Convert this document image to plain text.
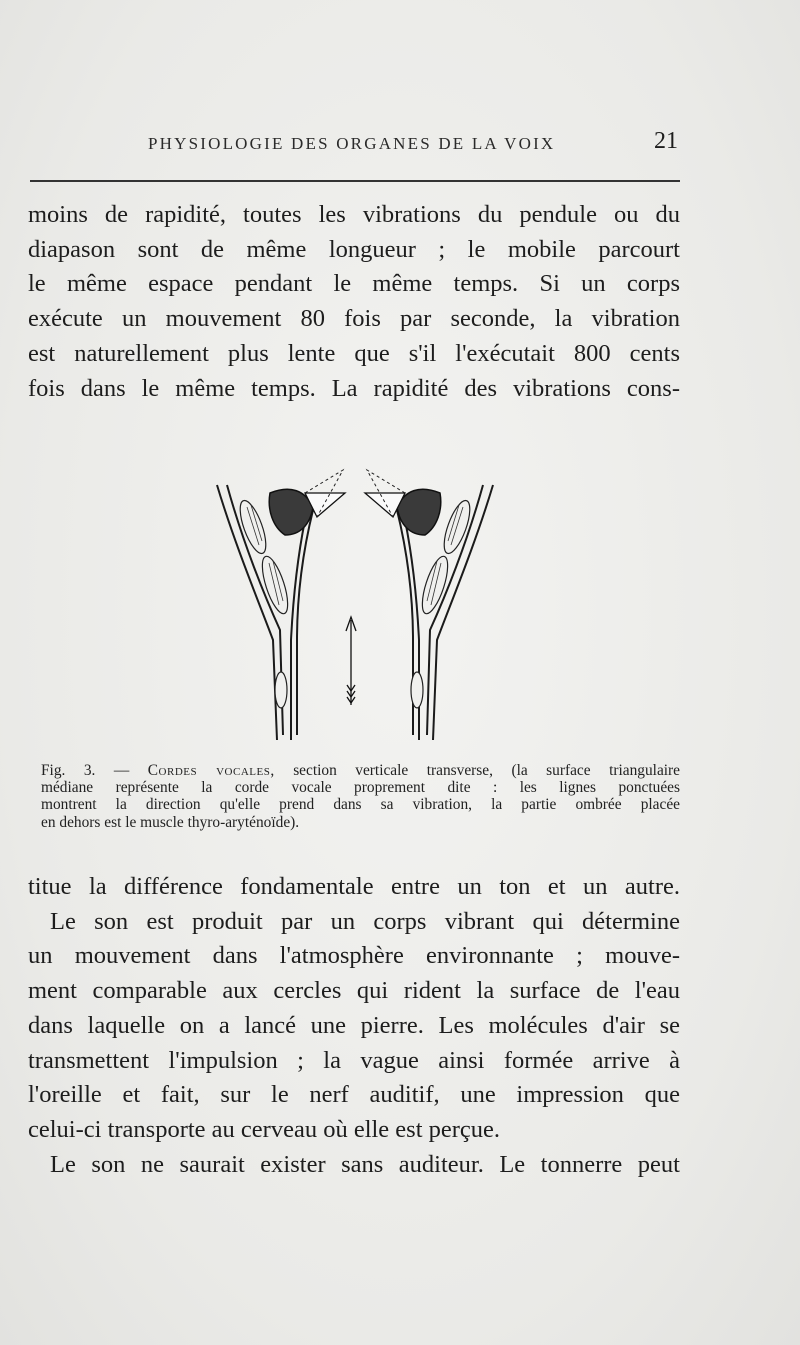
PHYSIOLOGIE DES ORGANES DE LA VOIX	21
moins de rapidité, toutes les vibrations du pendule ou du
diapason sont de même longueur ; le mobile parcourt
le même espace pendant le même temps. Si un corps
exécute un mouvement 80 fois par seconde, la vibration
est naturellement plus lente que s'il l'exécutait 800 cents
fois dans le même temps. La rapidité des vibrations cons-
Fig. 3. — Cordes vocales, section verticale transverse, (la surface triangulaire
médiane représente la corde vocale proprement dite : les lignes ponctuées
montrent la direction qu'elle prend dans sa vibration, la partie ombrée placée
en dehors est le muscle thyro-aryténoïde).
titue la différence fondamentale entre un ton et un autre.
Le son est produit par un corps vibrant qui détermine
un mouvement dans l'atmosphère environnante ; mouve-
ment comparable aux cercles qui rident la surface de l'eau
dans laquelle on a lancé une pierre. Les molécules d'air se
transmettent l'impulsion ; la vague ainsi formée arrive à
l'oreille et fait, sur le nerf auditif, une impression que
celui-ci transporte au cerveau où elle est perçue.
Le son ne saurait exister sans auditeur. Le tonnerre peut
